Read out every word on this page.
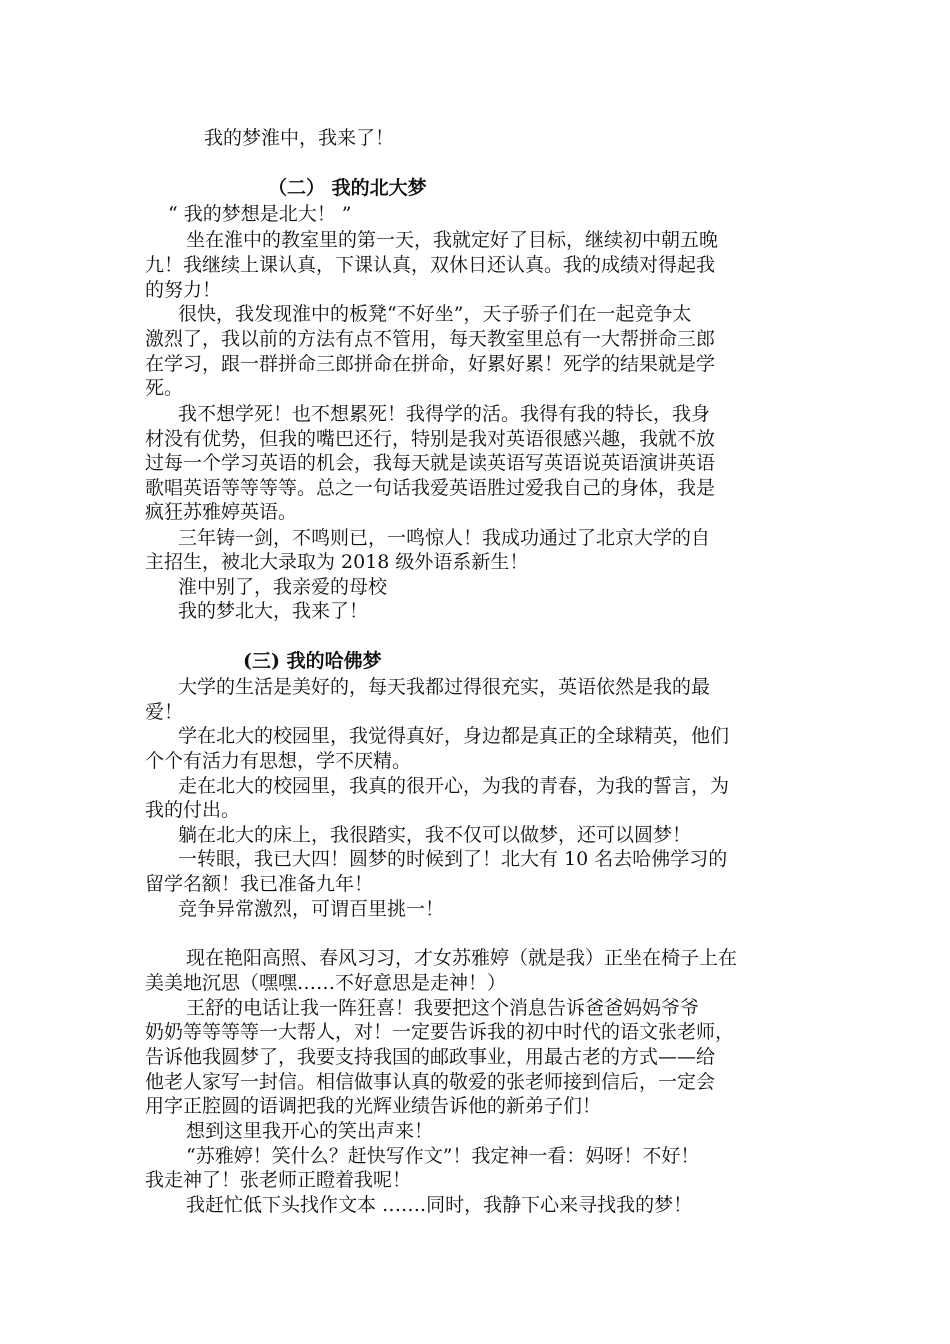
我的梦淮中，我来了！
（二） 我的北大梦
“ 我的梦想是北大！ ”
坐在淮中的教室里的第一天，我就定好了目标，继续初中朝五晚
九！我继续上课认真，下课认真，双休日还认真。我的成绩对得起我
的努力！
很快，我发现淮中的板凳“不好坐”，天子骄子们在一起竞争太
激烈了，我以前的方法有点不管用，每天教室里总有一大帮拼命三郎
在学习，跟一群拼命三郎拼命在拼命，好累好累！死学的结果就是学
死。
我不想学死！也不想累死！我得学的活。我得有我的特长，我身
材没有优势，但我的嘴巴还行，特别是我对英语很感兴趣，我就不放
过每一个学习英语的机会，我每天就是读英语写英语说英语演讲英语
歌唱英语等等等等。总之一句话我爱英语胜过爱我自己的身体，我是
疯狂苏雅婷英语。
三年铸一剑，不鸣则已，一鸣惊人！我成功通过了北京大学的自
主招生，被北大录取为 2018 级外语系新生！
淮中别了，我亲爱的母校
我的梦北大，我来了！
(三) 我的哈佛梦
大学的生活是美好的，每天我都过得很充实，英语依然是我的最
爱！
学在北大的校园里，我觉得真好，身边都是真正的全球精英，他们
个个有活力有思想，学不厌精。
走在北大的校园里，我真的很开心，为我的青春，为我的誓言，为
我的付出。
躺在北大的床上，我很踏实，我不仅可以做梦，还可以圆梦！
一转眼，我已大四！圆梦的时候到了！北大有 10 名去哈佛学习的
留学名额！我已准备九年！
竞争异常激烈，可谓百里挑一！
现在艳阳高照、春风习习，才女苏雅婷（就是我）正坐在椅子上在
美美地沉思（嘿嘿……不好意思是走神！）
王舒的电话让我一阵狂喜！我要把这个消息告诉爸爸妈妈爷爷
奶奶等等等等一大帮人，对！一定要告诉我的初中时代的语文张老师，
告诉他我圆梦了，我要支持我国的邮政事业，用最古老的方式——给
他老人家写一封信。相信做事认真的敬爱的张老师接到信后，一定会
用字正腔圆的语调把我的光辉业绩告诉他的新弟子们！
想到这里我开心的笑出声来！
“苏雅婷！笑什么？赶快写作文”！我定神一看：妈呀！不好！
我走神了！张老师正瞪着我呢！
我赶忙低下头找作文本 …….同时，我静下心来寻找我的梦！
